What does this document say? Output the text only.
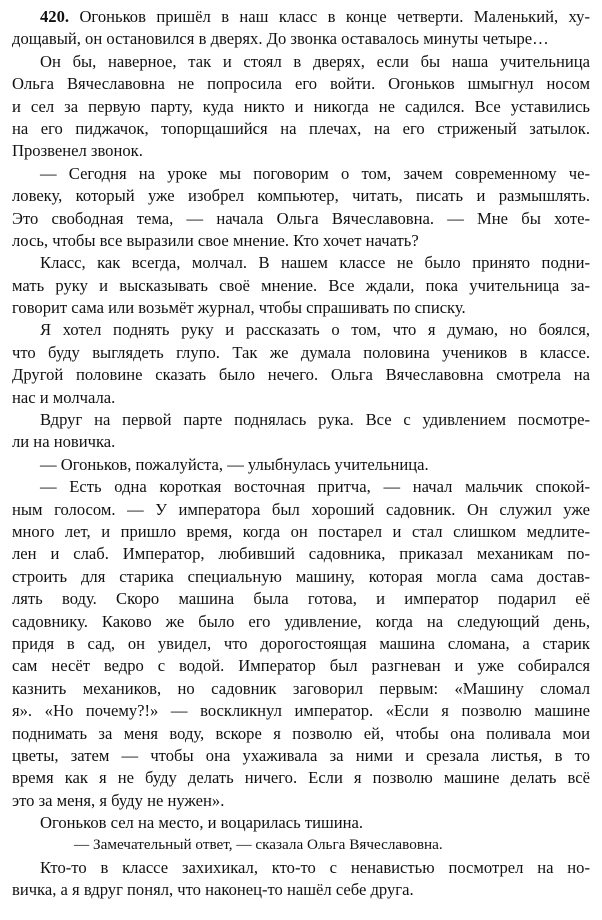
420. Огоньков пришёл в наш класс в конце четверти. Маленький, ху-
дощавый, он остановился в дверях. До звонка оставалось минуты четыре…
Он бы, наверное, так и стоял в дверях, если бы наша учительница
Ольга Вячеславовна не попросила его войти. Огоньков шмыгнул носом
и сел за первую парту, куда никто и никогда не садился. Все уставились
на его пиджачок, топорщашийся на плечах, на его стриженый затылок.
Прозвенел звонок.
— Сегодня на уроке мы поговорим о том, зачем современному че-
ловеку, который уже изобрел компьютер, читать, писать и размышлять.
Это свободная тема, — начала Ольга Вячеславовна. — Мне бы хоте-
лось, чтобы все выразили свое мнение. Кто хочет начать?
Класс, как всегда, молчал. В нашем классе не было принято подни-
мать руку и высказывать своё мнение. Все ждали, пока учительница за-
говорит сама или возьмёт журнал, чтобы спрашивать по списку.
Я хотел поднять руку и рассказать о том, что я думаю, но боялся,
что буду выглядеть глупо. Так же думала половина учеников в классе.
Другой половине сказать было нечего. Ольга Вячеславовна смотрела на
нас и молчала.
Вдруг на первой парте поднялась рука. Все с удивлением посмотре-
ли на новичка.
— Огоньков, пожалуйста, — улыбнулась учительница.
— Есть одна короткая восточная притча, — начал мальчик спокой-
ным голосом. — У императора был хороший садовник. Он служил уже
много лет, и пришло время, когда он постарел и стал слишком медлите-
лен и слаб. Император, любивший садовника, приказал механикам по-
строить для старика специальную машину, которая могла сама достав-
лять воду. Скоро машина была готова, и император подарил её
садовнику. Каково же было его удивление, когда на следующий день,
придя в сад, он увидел, что дорогостоящая машина сломана, а старик
сам несёт ведро с водой. Император был разгневан и уже собирался
казнить механиков, но садовник заговорил первым: «Машину сломал
я». «Но почему?!» — воскликнул император. «Если я позволю машине
поднимать за меня воду, вскоре я позволю ей, чтобы она поливала мои
цветы, затем — чтобы она ухаживала за ними и срезала листья, в то
время как я не буду делать ничего. Если я позволю машине делать всё
это за меня, я буду не нужен».
Огоньков сел на место, и воцарилась тишина.
— Замечательный ответ, — сказала Ольга Вячеславовна.
Кто-то в классе захихикал, кто-то с ненавистью посмотрел на но-
вичка, а я вдруг понял, что наконец-то нашёл себе друга.
